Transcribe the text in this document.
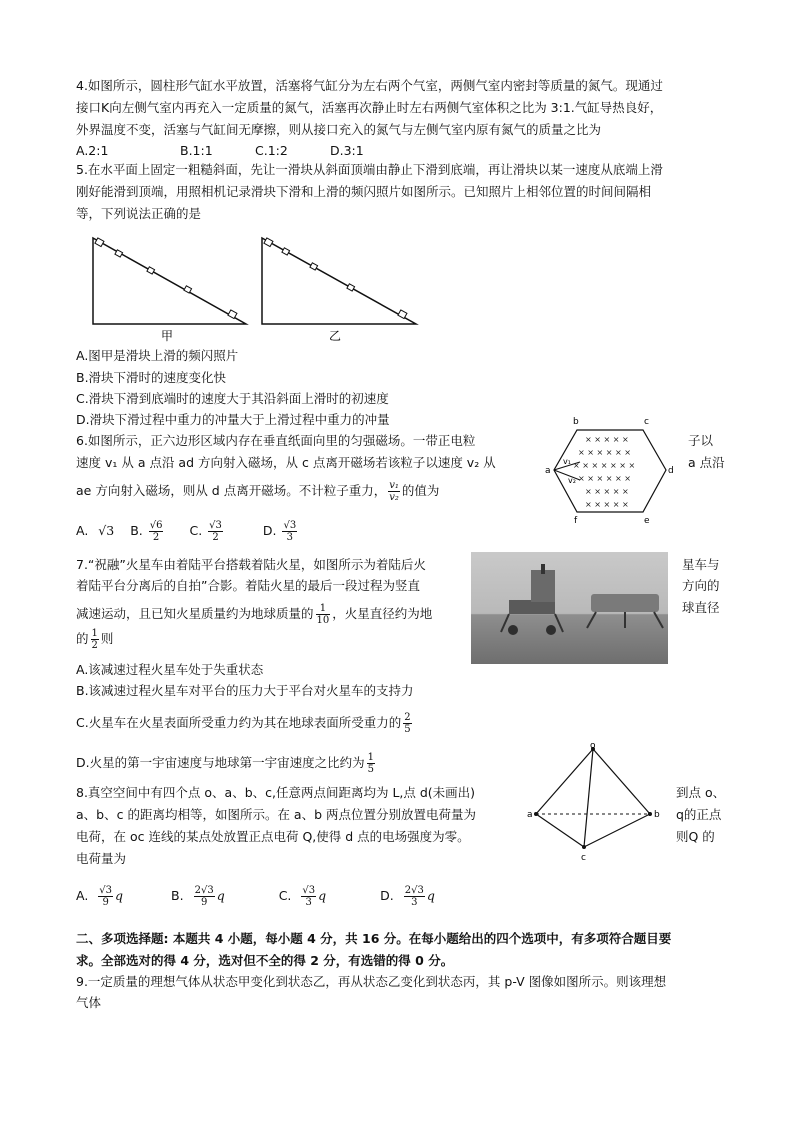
4.如图所示，圆柱形气缸水平放置，活塞将气缸分为左右两个气室，两侧气室内密封等质量的氮气。现通过
接口K向左侧气室内再充入一定质量的氮气，活塞再次静止时左右两侧气室体积之比为 3:1.气缸导热良好，
外界温度不变，活塞与气缸间无摩擦，则从接口充入的氮气与左侧气室内原有氮气的质量之比为
A.2:1	B.1:1	C.1:2	D.3:1
5.在水平面上固定一粗糙斜面，先让一滑块从斜面顶端由静止下滑到底端，再让滑块以某一速度从底端上滑
刚好能滑到顶端，用照相机记录滑块下滑和上滑的频闪照片如图所示。已知照片上相邻位置的时间间隔相
等，下列说法正确的是
甲	乙
A.图甲是滑块上滑的频闪照片
B.滑块下滑时的速度变化快
C.滑块下滑到底端时的速度大于其沿斜面上滑时的初速度
D.滑块下滑过程中重力的冲量大于上滑过程中重力的冲量
6.如图所示，正六边形区域内存在垂直纸面向里的匀强磁场。一带正电粒	子以
速度 v₁ 从 a 点沿 ad 方向射入磁场，从 c 点离开磁场若该粒子以速度 v₂ 从	a 点沿
ae 方向射入磁场，则从 d 点离开磁场。不计粒子重力， $\frac{\text{v₁}}{\text{v₂}}$ 的值为
× × × × ×
× × × × × ×
× × × × × × ×
× × × × × ×
× × × × ×
× × × × ×
v₁
v₂
b	c
a	d
f	e
A. √3 B. $\frac{√6}{2} C$. $\frac{√3}{2}$	D. $\frac{√3}{3}$
7.“祝融”火星车由着陆平台搭载着陆火星，如图所示为着陆后火	星车与
着陆平台分离后的自拍”合影。着陆火星的最后一段过程为竖直	方向的
减速运动，且已知火星质量约为地球质量的 $\frac{1}{10}$ ，火星直径约为地	球直径
的 $\frac{1}{2}$ 则
A.该减速过程火星车处于失重状态
B.该减速过程火星车对平台的压力大于平台对火星车的支持力
C.火星车在火星表面所受重力约为其在地球表面所受重力的 $\frac{2}{5}$
D.火星的第一宇宙速度与地球第一宇宙速度之比约为 $\frac{1}{5}$
8.真空空间中有四个点 o、a、b、c,任意两点间距离均为 L,点 d(未画出)	到点 o、
a、b、c 的距离均相等，如图所示。在 a、b 两点位置分别放置电荷量为	q的正点
电荷，在 oc 连线的某点处放置正点电荷 Q,使得 d 点的电场强度为零。	则Q 的
电荷量为
o
a	b
c
A. $\frac{√3}{9}$ q	B. $\frac{2√3}{9}$ q	C. $\frac{√3}{3}$ q	D. $\frac{2√3}{3}$ q
二、多项选择题: 本题共 4 小题，每小题 4 分，共 16 分。在每小题给出的四个选项中，有多项符合题目要
求。全部选对的得 4 分，选对但不全的得 2 分，有选错的得 0 分。
9.一定质量的理想气体从状态甲变化到状态乙，再从状态乙变化到状态丙，其 p-V 图像如图所示。则该理想
气体
